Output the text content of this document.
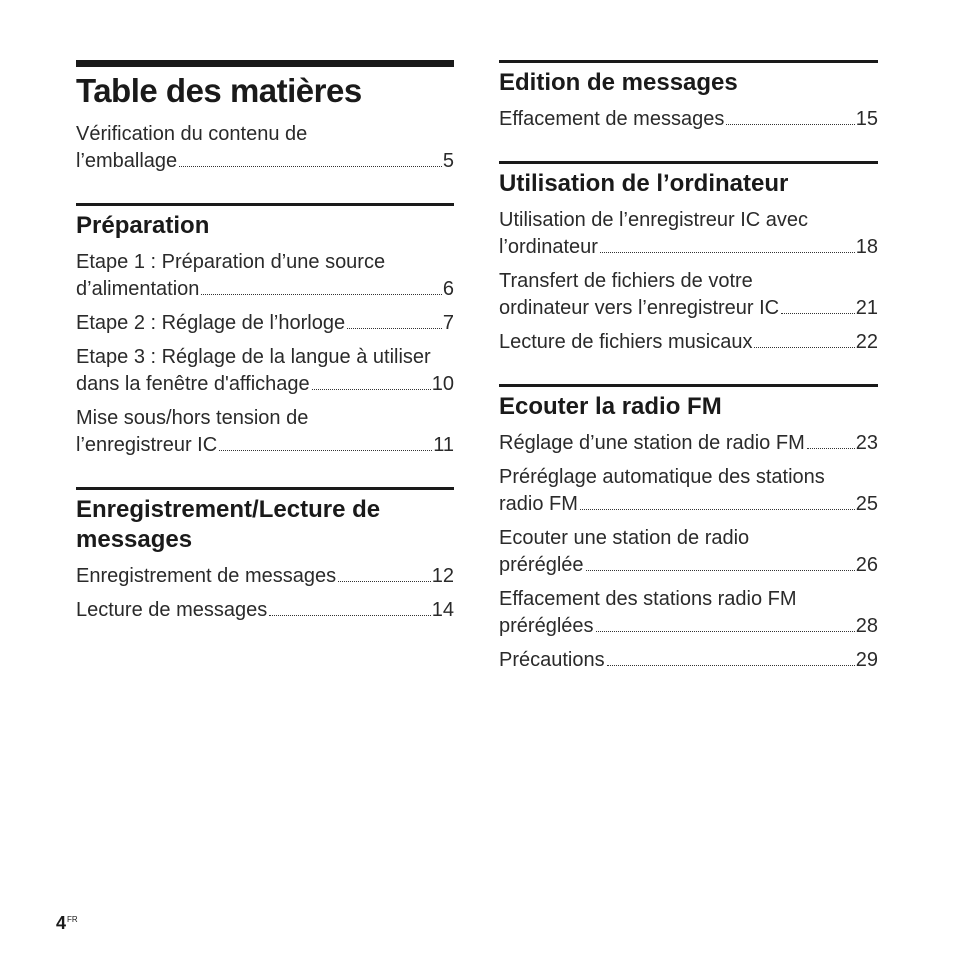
Table des matières
Vérification du contenu de
l’emballage	5
Préparation
Etape 1 : Préparation d’une source
d’alimentation	6
Etape 2 : Réglage de l’horloge	7
Etape 3 : Réglage de la langue à utiliser
dans la fenêtre d'affichage	10
Mise sous/hors tension de
l’enregistreur IC	11
Enregistrement/Lecture de messages
Enregistrement de messages	12
Lecture de messages	14
Edition de messages
Effacement de messages	15
Utilisation de l’ordinateur
Utilisation de l’enregistreur IC avec
l’ordinateur	18
Transfert de fichiers de votre
ordinateur vers l’enregistreur IC	21
Lecture de fichiers musicaux	22
Ecouter la radio FM
Réglage d’une station de radio FM	23
Préréglage automatique des stations
radio FM	25
Ecouter une station de radio
préréglée	26
Effacement des stations radio FM
préréglées	28
Précautions	29
$4^{FR}$
